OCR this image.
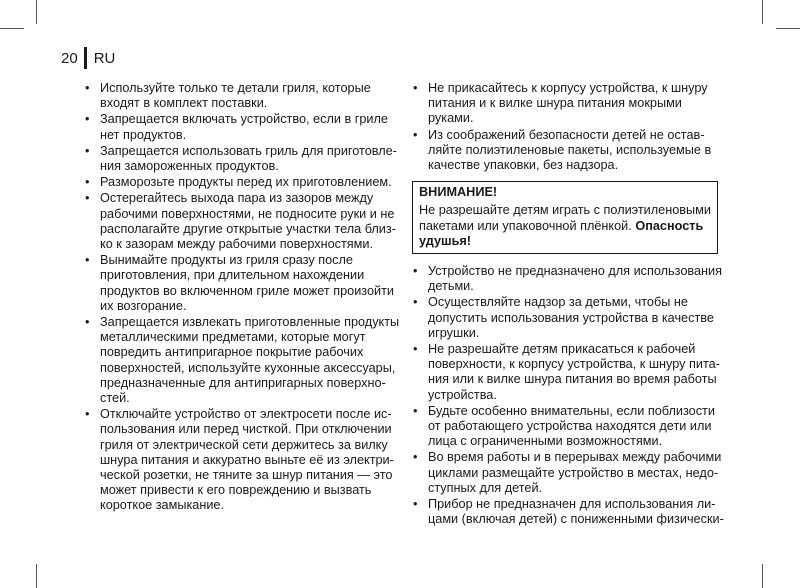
20 RU
• Используйте только те детали гриля, которые
входят в комплект поставки.
• Запрещается включать устройство, если в гриле
нет продуктов.
• Запрещается использовать гриль для приготовле-
ния замороженных продуктов.
• Разморозьте продукты перед их приготовлением.
• Остерегайтесь выхода пара из зазоров между
рабочими поверхностями, не подносите руки и не
располагайте другие открытые участки тела близ-
ко к зазорам между рабочими поверхностями.
• Вынимайте продукты из гриля сразу после
приготовления, при длительном нахождении
продуктов во включенном гриле может произойти
их возгорание.
• Запрещается извлекать приготовленные продукты
металлическими предметами, которые могут
повредить антипригарное покрытие рабочих
поверхностей, используйте кухонные аксессуары,
предназначенные для антипригарных поверхно-
стей.
• Отключайте устройство от электросети после ис-
пользования или перед чисткой. При отключении
гриля от электрической сети держитесь за вилку
шнура питания и аккуратно выньте её из электри-
ческой розетки, не тяните за шнур питания — это
может привести к его повреждению и вызвать
короткое замыкание.
• Не прикасайтесь к корпусу устройства, к шнуру
питания и к вилке шнура питания мокрыми
руками.
• Из соображений безопасности детей не остав-
ляйте полиэтиленовые пакеты, используемые в
качестве упаковки, без надзора.
ВНИМАНИЕ!
Не разрешайте детям играть с полиэтиленовыми
пакетами или упаковочной плёнкой. Опасность
удушья!
• Устройство не предназначено для использования
детьми.
• Осуществляйте надзор за детьми, чтобы не
допустить использования устройства в качестве
игрушки.
• Не разрешайте детям прикасаться к рабочей
поверхности, к корпусу устройства, к шнуру пита-
ния или к вилке шнура питания во время работы
устройства.
• Будьте особенно внимательны, если поблизости
от работающего устройства находятся дети или
лица с ограниченными возможностями.
• Во время работы и в перерывах между рабочими
циклами размещайте устройство в местах, недо-
ступных для детей.
• Прибор не предназначен для использования ли-
цами (включая детей) с пониженными физически-
